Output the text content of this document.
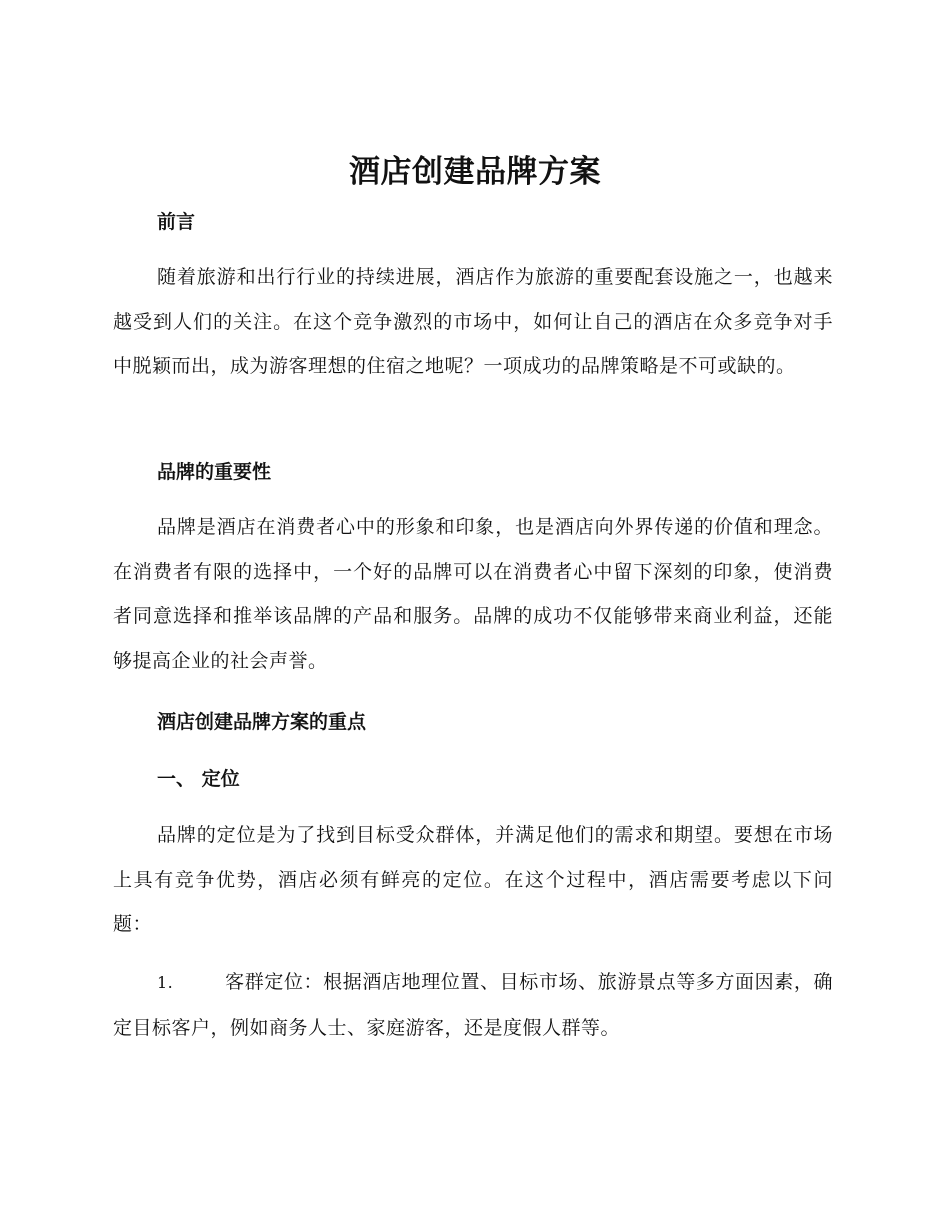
酒店创建品牌方案
前言
随着旅游和出行行业的持续进展，酒店作为旅游的重要配套设施之一，也越来越受到人们的关注。在这个竞争激烈的市场中，如何让自己的酒店在众多竞争对手中脱颖而出，成为游客理想的住宿之地呢？一项成功的品牌策略是不可或缺的。
品牌的重要性
品牌是酒店在消费者心中的形象和印象，也是酒店向外界传递的价值和理念。在消费者有限的选择中，一个好的品牌可以在消费者心中留下深刻的印象，使消费者同意选择和推举该品牌的产品和服务。品牌的成功不仅能够带来商业利益，还能够提高企业的社会声誉。
酒店创建品牌方案的重点
一、 定位
品牌的定位是为了找到目标受众群体，并满足他们的需求和期望。要想在市场上具有竞争优势，酒店必须有鲜亮的定位。在这个过程中，酒店需要考虑以下问题：
1.	客群定位：根据酒店地理位置、目标市场、旅游景点等多方面因素，确定目标客户，例如商务人士、家庭游客，还是度假人群等。
